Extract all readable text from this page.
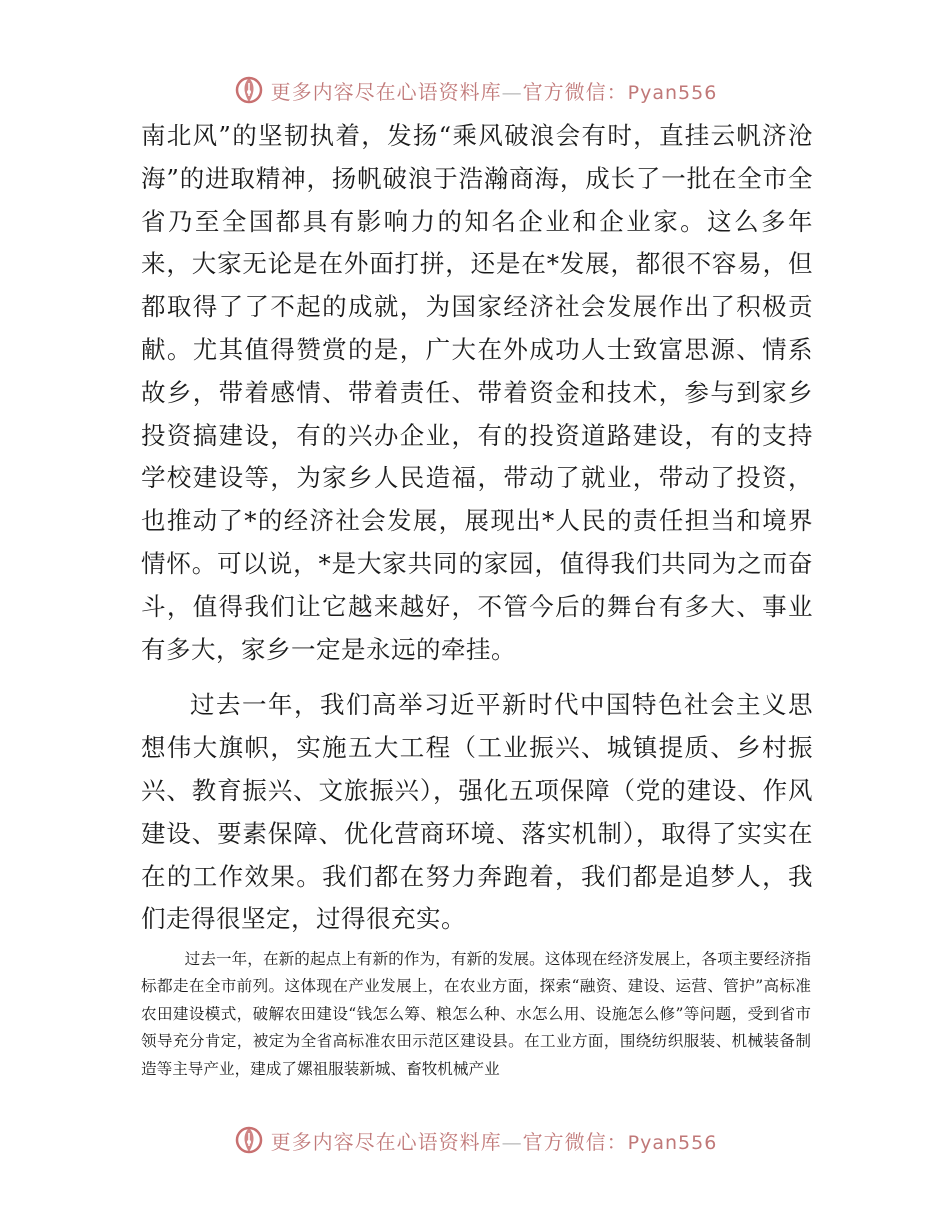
更多内容尽在心语资料库—官方微信：Pyan556

南北风”的坚韧执着，发扬“乘风破浪会有时，直挂云帆济沧海”的进取精神，扬帆破浪于浩瀚商海，成长了一批在全市全省乃至全国都具有影响力的知名企业和企业家。这么多年来，大家无论是在外面打拼，还是在*发展，都很不容易，但都取得了了不起的成就，为国家经济社会发展作出了积极贡献。尤其值得赞赏的是，广大在外成功人士致富思源、情系故乡，带着感情、带着责任、带着资金和技术，参与到家乡投资搞建设，有的兴办企业，有的投资道路建设，有的支持学校建设等，为家乡人民造福，带动了就业，带动了投资，也推动了*的经济社会发展，展现出*人民的责任担当和境界情怀。可以说，*是大家共同的家园，值得我们共同为之而奋斗，值得我们让它越来越好，不管今后的舞台有多大、事业有多大，家乡一定是永远的牵挂。

过去一年，我们高举习近平新时代中国特色社会主义思想伟大旗帜，实施五大工程（工业振兴、城镇提质、乡村振兴、教育振兴、文旅振兴），强化五项保障（党的建设、作风建设、要素保障、优化营商环境、落实机制），取得了实实在在的工作效果。我们都在努力奔跑着，我们都是追梦人，我们走得很坚定，过得很充实。

过去一年，在新的起点上有新的作为，有新的发展。这体现在经济发展上，各项主要经济指标都走在全市前列。这体现在产业发展上，在农业方面，探索“融资、建设、运营、管护”高标准农田建设模式，破解农田建设“钱怎么筹、粮怎么种、水怎么用、设施怎么修”等问题，受到省市领导充分肯定，被定为全省高标准农田示范区建设县。在工业方面，围绕纺织服装、机械装备制造等主导产业，建成了嫘祖服装新城、畜牧机械产业

更多内容尽在心语资料库—官方微信：Pyan556
